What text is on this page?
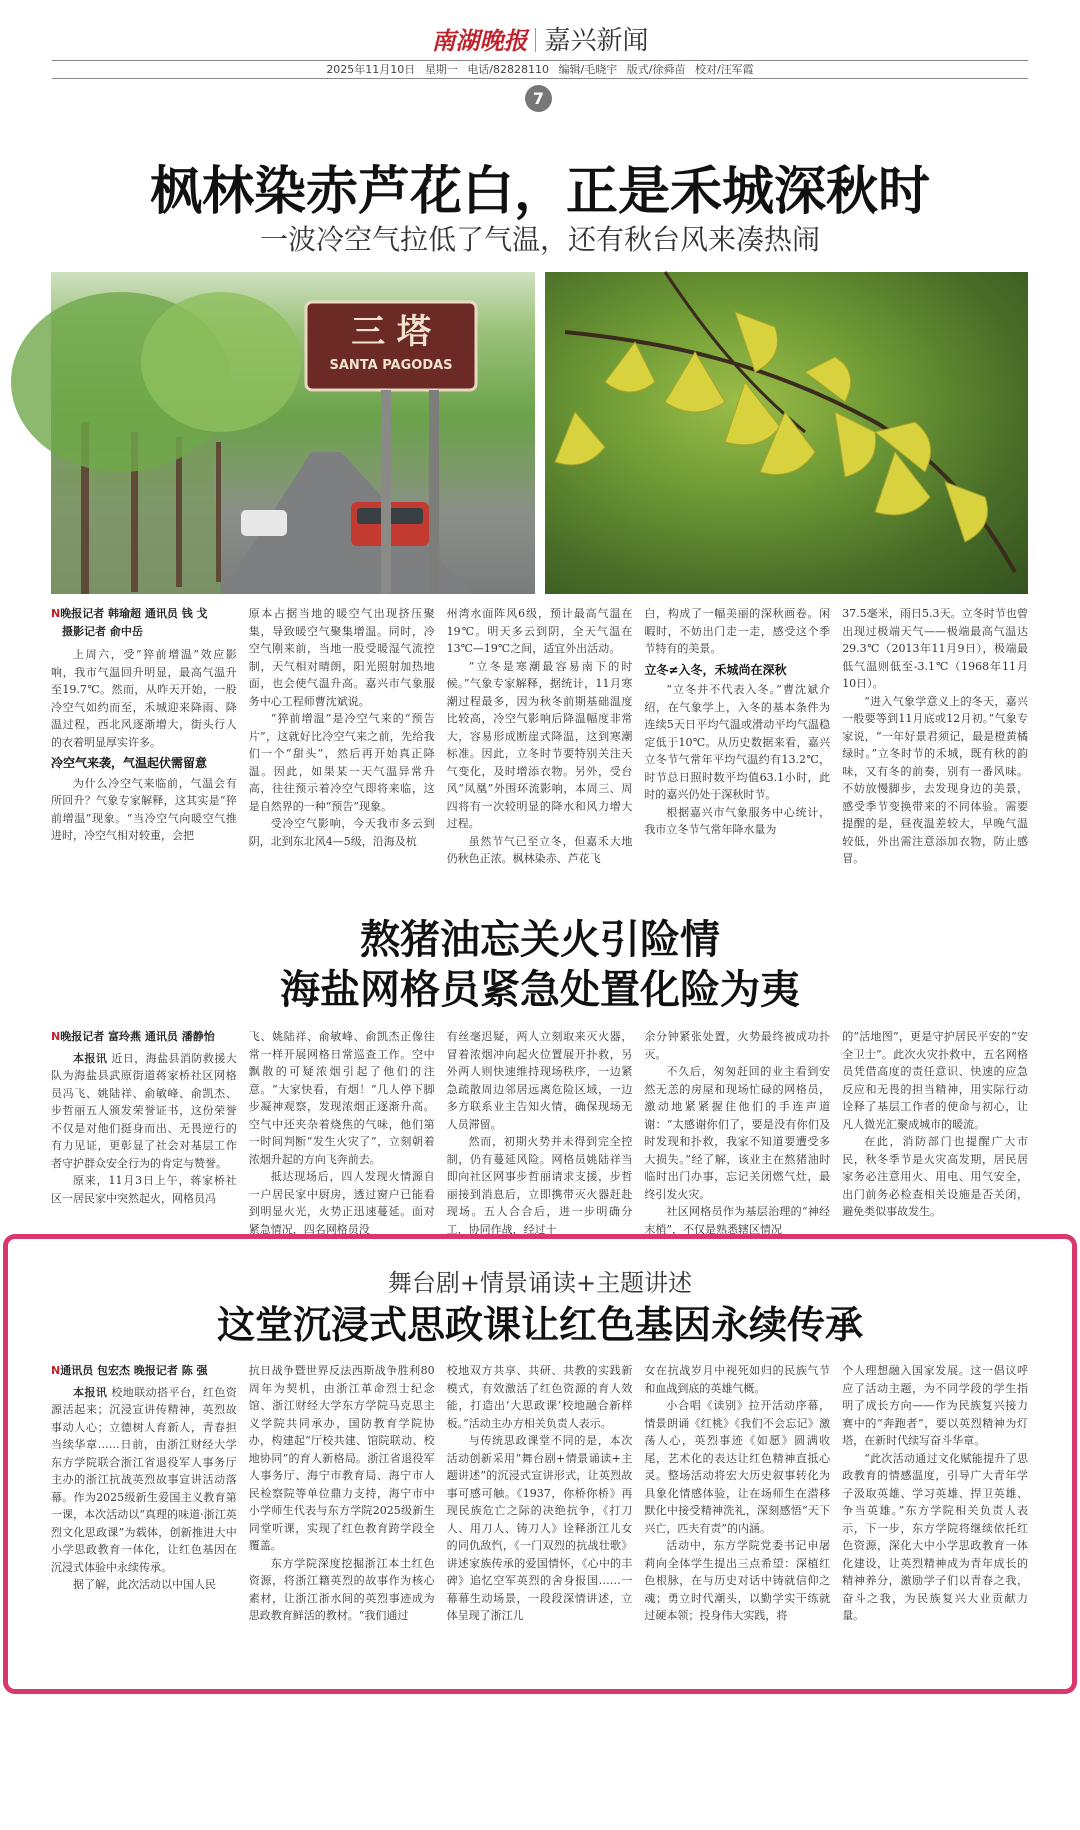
南湖晚报 嘉兴新闻
2025年11月10日 星期一 电话/82828110 编辑/毛晓宇 版式/徐舜苗 校对/汪军霞
7
枫林染赤芦花白，正是禾城深秋时
一波冷空气拉低了气温，还有秋台风来凑热闹
三 塔
SANTA PAGODAS

N晚报记者 韩瑜超 通讯员 钱 戈

摄影记者 俞中岳

上周六，受“猝前增温”效应影响，我市气温回升明显，最高气温升至19.7℃。然而，从昨天开始，一股冷空气如约而至，禾城迎来降雨、降温过程，西北风逐渐增大，街头行人的衣着明显厚实许多。

冷空气来袭，气温起伏需留意

为什么冷空气来临前，气温会有所回升？气象专家解释，这其实是“猝前增温”现象。“当冷空气向暖空气推进时，冷空气相对较重，会把

原本占据当地的暖空气出现挤压聚集，导致暖空气聚集增温。同时，冷空气刚来前，当地一股受暖湿气流控制，天气相对晴朗，阳光照射加热地面，也会使气温升高。嘉兴市气象服务中心工程师曹沈斌说。

“猝前增温”是冷空气来的“预告片”，这就好比冷空气来之前，先给我们一个“甜头”，然后再开始真正降温。因此，如果某一天气温异常升高，往往预示着冷空气即将来临，这是自然界的一种“预告”现象。

受冷空气影响，今天我市多云到阴，北到东北风4—5级，沿海及杭

州湾水面阵风6级，预计最高气温在19℃。明天多云到阴，全天气温在13℃—19℃之间，适宜外出活动。

“立冬是寒潮最容易南下的时候。”气象专家解释，据统计，11月寒潮过程最多，因为秋冬前期基础温度比较高，冷空气影响后降温幅度非常大，容易形成断崖式降温，这到寒潮标准。因此，立冬时节要特别关注天气变化，及时增添衣物。另外，受台风“凤凰”外围环流影响，本周三、周四将有一次较明显的降水和风力增大过程。

虽然节气已至立冬，但嘉禾大地仍秋色正浓。枫林染赤、芦花飞

白，构成了一幅美丽的深秋画卷。闲暇时，不妨出门走一走，感受这个季节特有的美景。

立冬≠入冬，禾城尚在深秋

“立冬并不代表入冬。”曹沈斌介绍，在气象学上，入冬的基本条件为连续5天日平均气温或滑动平均气温稳定低于10℃。从历史数据来看，嘉兴立冬节气常年平均气温约有13.2℃，时节总日照时数平均值63.1小时，此时的嘉兴仍处于深秋时节。

根据嘉兴市气象服务中心统计，我市立冬节气常年降水量为

37.5毫米，雨日5.3天。立冬时节也曾出现过极端天气——极端最高气温达29.3℃（2013年11月9日），极端最低气温则低至-3.1℃（1968年11月10日）。

“进入气象学意义上的冬天，嘉兴一般要等到11月底或12月初。”气象专家说，“一年好景君须记，最是橙黄橘绿时。”立冬时节的禾城，既有秋的韵味，又有冬的前奏，别有一番风味。不妨放慢脚步，去发现身边的美景，感受季节变换带来的不同体验。需要提醒的是，昼夜温差较大，早晚气温较低，外出需注意添加衣物，防止感冒。

熬猪油忘关火引险情
海盐网格员紧急处置化险为夷

N晚报记者 富玲燕 通讯员 潘静怡

本报讯 近日，海盐县消防救援大队为海盐县武原街道蒋家桥社区网格员冯飞、姚陆祥、俞敏峰、俞凯杰、步哲丽五人颁发荣誉证书，这份荣誉不仅是对他们挺身而出、无畏逆行的有力见证，更彰显了社会对基层工作者守护群众安全行为的肯定与赞誉。

原来，11月3日上午，蒋家桥社区一居民家中突然起火，网格员冯

飞、姚陆祥、俞敏峰、俞凯杰正像往常一样开展网格日常巡查工作。空中飘散的可疑浓烟引起了他们的注意。“大家快看，有烟！”几人停下脚步凝神观察，发现浓烟正逐渐升高。空气中还夹杂着烧焦的气味，他们第一时间判断“发生火灾了”，立刻朝着浓烟升起的方向飞奔前去。

抵达现场后，四人发现火情源自一户居民家中厨房，透过窗户已能看到明显火光，火势正迅速蔓延。面对紧急情况，四名网格员没

有丝毫迟疑，两人立刻取来灭火器，冒着浓烟冲向起火位置展开扑救，另外两人则快速维持现场秩序，一边紧急疏散周边邻居远离危险区域，一边多方联系业主告知火情，确保现场无人员滞留。

然而，初期火势并未得到完全控制，仍有蔓延风险。网格员姚陆祥当即向社区网事步哲丽请求支援，步哲丽接到消息后，立即携带灭火器赶赴现场。五人合合后，进一步明确分工，协同作战，经过十

余分钟紧张处置，火势最终被成功扑灭。

不久后，匆匆赶回的业主看到安然无恙的房屋和现场忙碌的网格员，激动地紧紧握住他们的手连声道谢：“太感谢你们了，要是没有你们及时发现和扑救，我家不知道要遭受多大损失。”经了解，该业主在熬猪油时临时出门办事，忘记关闭燃气灶，最终引发火灾。

社区网格员作为基层治理的“神经末梢”，不仅是熟悉辖区情况

的“活地图”，更是守护居民平安的“安全卫士”。此次火灾扑救中，五名网格员凭借高度的责任意识、快速的应急反应和无畏的担当精神，用实际行动诠释了基层工作者的使命与初心，让凡人微光汇聚成城市的暖流。

在此，消防部门也提醒广大市民，秋冬季节是火灾高发期，居民居家务必注意用火、用电、用气安全，出门前务必检查相关设施是否关闭，避免类似事故发生。

舞台剧+情景诵读+主题讲述
这堂沉浸式思政课让红色基因永续传承

N通讯员 包宏杰 晚报记者 陈 强

本报讯 校地联动搭平台，红色资源活起来；沉浸宣讲传精神，英烈故事动人心；立德树人育新人，青春担当续华章……日前，由浙江财经大学东方学院联合浙江省退役军人事务厅主办的浙江抗战英烈故事宣讲活动落幕。作为2025级新生爱国主义教育第一课，本次活动以“真理的味道·浙江英烈文化思政课”为载体，创新推进大中小学思政教育一体化，让红色基因在沉浸式体验中永续传承。

据了解，此次活动以中国人民

抗日战争暨世界反法西斯战争胜利80周年为契机，由浙江革命烈士纪念馆、浙江财经大学东方学院马克思主义学院共同承办，国防教育学院协办，构建起“厅校共建、馆院联动、校地协同”的育人新格局。浙江省退役军人事务厅、海宁市教育局、海宁市人民检察院等单位鼎力支持，海宁市中小学师生代表与东方学院2025级新生同堂听课，实现了红色教育跨学段全覆盖。

东方学院深度挖掘浙江本土红色资源，将浙江籍英烈的故事作为核心素材，让浙江浙水间的英烈事迹成为思政教育鲜活的教材。“我们通过

校地双方共享、共研、共教的实践新模式，有效激活了红色资源的育人效能，打造出‘大思政课’校地融合新样板。”活动主办方相关负责人表示。

与传统思政课堂不同的是，本次活动创新采用“舞台剧+情景诵读+主题讲述”的沉浸式宣讲形式，让英烈故事可感可触。《1937，你桥你桥》再现民族危亡之际的决绝抗争，《打刀人、用刀人、铸刀人》诠释浙江儿女的同仇敌忾，《一门双烈的抗战壮歌》讲述家族传承的爱国情怀，《心中的丰碑》追忆空军英烈的舍身报国……一幕幕生动场景，一段段深情讲述，立体呈现了浙江儿

女在抗战岁月中视死如归的民族气节和血战到底的英雄气概。

小合唱《读别》拉开活动序幕，情景朗诵《红桃》《我们不会忘记》激荡人心，英烈事迹《如愿》圆满收尾，艺术化的表达让红色精神直抵心灵。整场活动将宏大历史叙事转化为具象化情感体验，让在场师生在潜移默化中接受精神洗礼，深刻感悟“天下兴亡，匹夫有责”的内涵。

活动中，东方学院党委书记申屠莉向全体学生提出三点希望：深植红色根脉，在与历史对话中铸就信仰之魂；勇立时代潮头，以勤学实干练就过硬本领；投身伟大实践，将

个人理想融入国家发展。这一倡议呼应了活动主题，为不同学段的学生指明了成长方向——作为民族复兴接力赛中的“奔跑者”，要以英烈精神为灯塔，在新时代续写奋斗华章。

“此次活动通过文化赋能提升了思政教育的情感温度，引导广大青年学子汲取英雄、学习英雄、捍卫英雄、争当英雄。”东方学院相关负责人表示，下一步，东方学院将继续依托红色资源，深化大中小学思政教育一体化建设，让英烈精神成为青年成长的精神养分，激励学子们以青春之我，奋斗之我，为民族复兴大业贡献力量。
